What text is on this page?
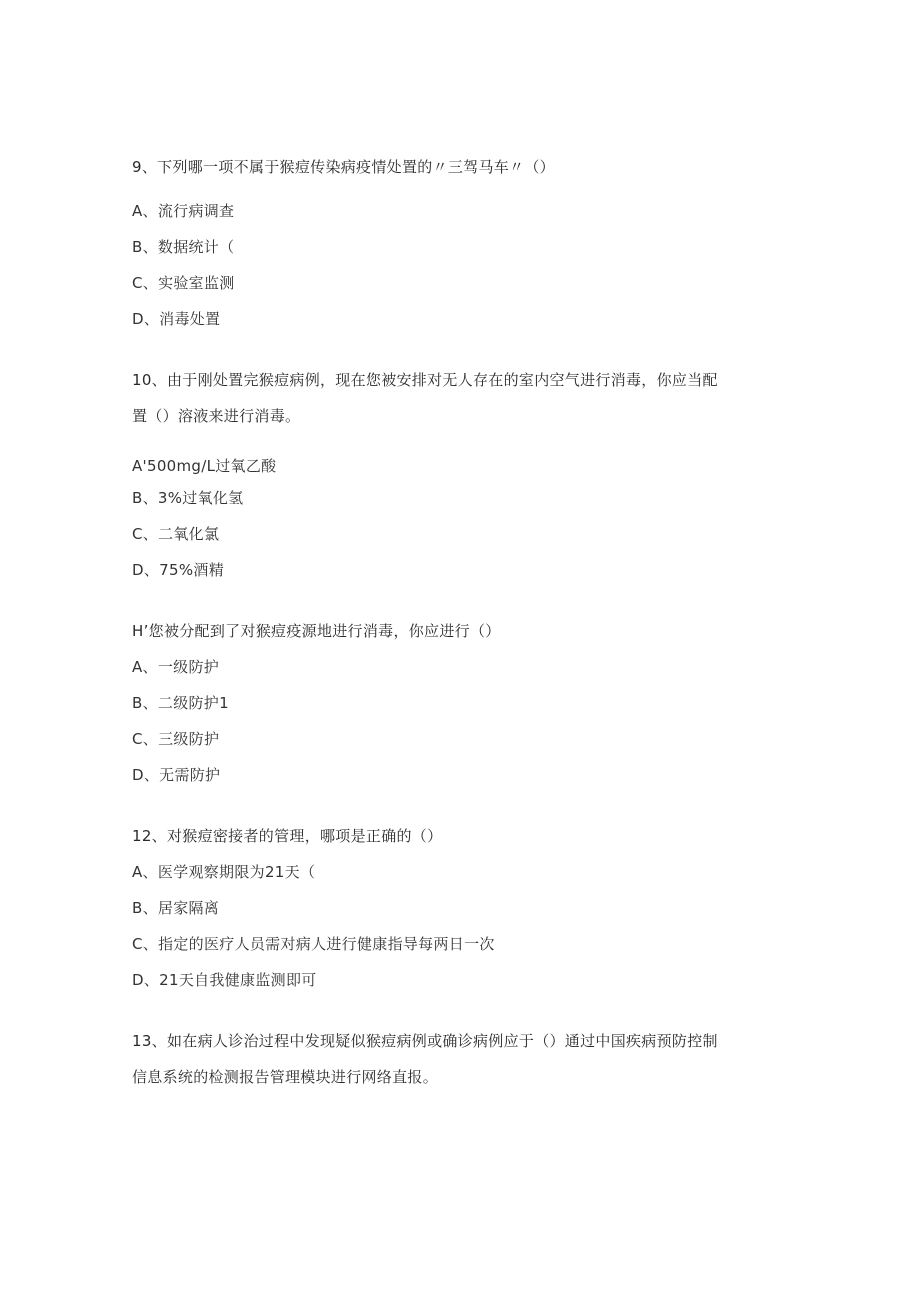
9、下列哪一项不属于猴痘传染病疫情处置的〃三驾马车〃（）
A、流行病调查
B、数据统计（
C、实验室监测
D、消毒处置
10、由于刚处置完猴痘病例，现在您被安排对无人存在的室内空气进行消毒，你应当配
置（）溶液来进行消毒。
A'500mg∕L过氧乙酸
B、3%过氧化氢
C、二氧化氯
D、75%酒精
H’您被分配到了对猴痘疫源地进行消毒，你应进行（）
A、一级防护
B、二级防护1
C、三级防护
D、无需防护
12、对猴痘密接者的管理，哪项是正确的（）
A、医学观察期限为21天（
B、居家隔离
C、指定的医疗人员需对病人进行健康指导每两日一次
D、21天自我健康监测即可
13、如在病人诊治过程中发现疑似猴痘病例或确诊病例应于（）通过中国疾病预防控制
信息系统的检测报告管理模块进行网络直报。
